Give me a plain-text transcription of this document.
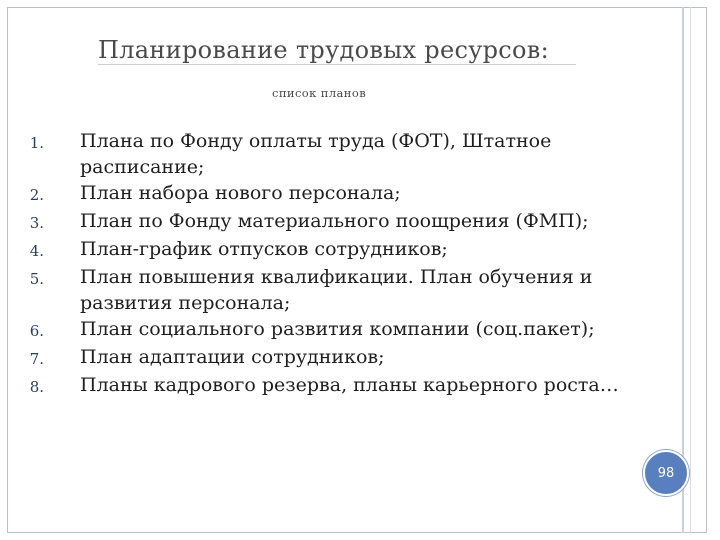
Планирование трудовых ресурсов:
список планов
1. Плана по Фонду оплаты труда (ФОТ), Штатное расписание;
2. План набора нового персонала;
3. План по Фонду материального поощрения (ФМП);
4. План-график отпусков сотрудников;
5. План повышения квалификации. План обучения и развития персонала;
6. План социального развития компании (соц.пакет);
7. План адаптации сотрудников;
8. Планы кадрового резерва, планы карьерного роста…
98
